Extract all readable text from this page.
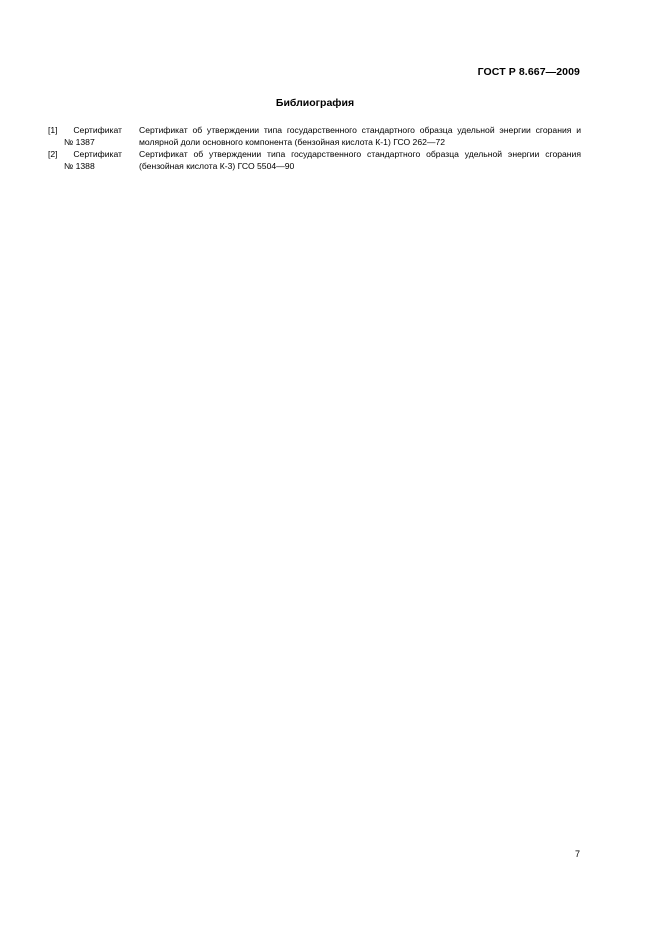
ГОСТ Р 8.667—2009
Библиография
[1] Сертификат
№ 1387
Сертификат об утверждении типа государственного стандартного образца удельной энергии сгорания и молярной доли основного компонента (бензойная кислота К-1) ГСО 262—72
[2] Сертификат
№ 1388
Сертификат об утверждении типа государственного стандартного образца удельной энергии сгорания (бензойная кислота К-3) ГСО 5504—90
7
